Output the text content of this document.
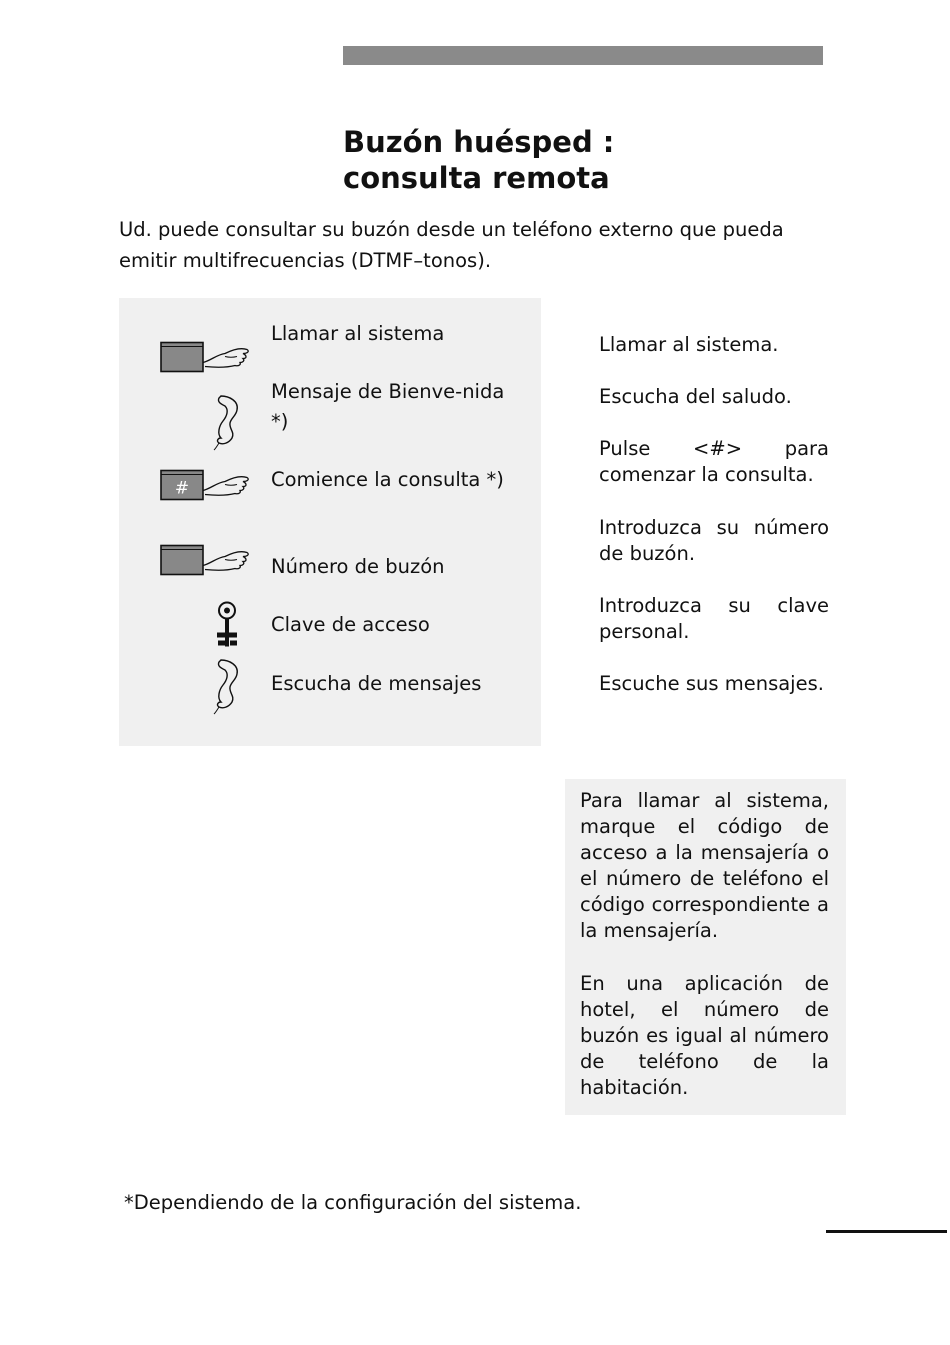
Buzón huésped :
consulta remota

Ud. puede consultar su buzón desde un teléfono externo que pueda emitir multifrecuencias (DTMF–tonos).

Llamar al sistema

Mensaje de Bienve-nida *)

#	Comience la consulta *)

Número de buzón

Clave de acceso

Escucha de mensajes

Llamar al sistema.

Escucha del saludo.

Pulse <#> para comenzar la consulta.

Introduzca su número de buzón.

Introduzca su clave personal.

Escuche sus mensajes.

Para llamar al sistema, marque el código de acceso a la mensajería o el número de teléfono el código correspondiente a la mensajería.

En una aplicación de hotel, el número de buzón es igual al número de teléfono de la habitación.

*Dependiendo de la configuración del sistema.
